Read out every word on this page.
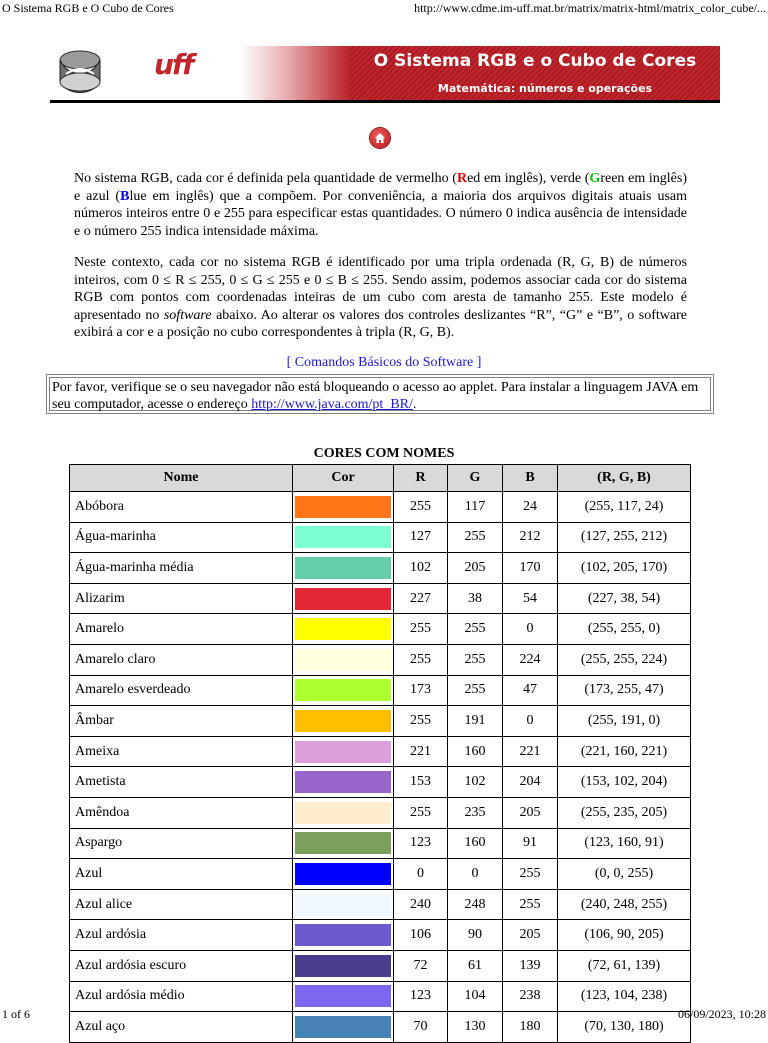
O Sistema RGB e O Cubo de Cores	http://www.cdme.im-uff.mat.br/matrix/matrix-html/matrix_color_cube/...
uff	O Sistema RGB e o Cubo de Cores
Matemática: números e operações
No sistema RGB, cada cor é definida pela quantidade de vermelho (Red em inglês), verde (Green em inglês) e azul (Blue em inglês) que a compõem. Por conveniência, a maioria dos arquivos digitais atuais usam números inteiros entre 0 e 255 para especificar estas quantidades. O número 0 indica ausência de intensidade e o número 255 indica intensidade máxima.
Neste contexto, cada cor no sistema RGB é identificado por uma tripla ordenada (R, G, B) de números inteiros, com 0 ≤ R ≤ 255, 0 ≤ G ≤ 255 e 0 ≤ B ≤ 255. Sendo assim, podemos associar cada cor do sistema RGB com pontos com coordenadas inteiras de um cubo com aresta de tamanho 255. Este modelo é apresentado no software abaixo. Ao alterar os valores dos controles deslizantes “R”, “G” e “B”, o software exibirá a cor e a posição no cubo correspondentes à tripla (R, G, B).
[ Comandos Básicos do Software ]
Por favor, verifique se o seu navegador não está bloqueando o acesso ao applet. Para instalar a linguagem JAVA em seu computador, acesse o endereço http://www.java.com/pt_BR/.
CORES COM NOMES
Nome	Cor	R	G	B	(R, G, B)
Abóbora		255	117	24	(255, 117, 24)
Água-marinha		127	255	212	(127, 255, 212)
Água-marinha média		102	205	170	(102, 205, 170)
Alizarim		227	38	54	(227, 38, 54)
Amarelo		255	255	0	(255, 255, 0)
Amarelo claro		255	255	224	(255, 255, 224)
Amarelo esverdeado		173	255	47	(173, 255, 47)
Âmbar		255	191	0	(255, 191, 0)
Ameixa		221	160	221	(221, 160, 221)
Ametista		153	102	204	(153, 102, 204)
Amêndoa		255	235	205	(255, 235, 205)
Aspargo		123	160	91	(123, 160, 91)
Azul		0	0	255	(0, 0, 255)
Azul alice		240	248	255	(240, 248, 255)
Azul ardósia		106	90	205	(106, 90, 205)
Azul ardósia escuro		72	61	139	(72, 61, 139)
Azul ardósia médio		123	104	238	(123, 104, 238)
Azul aço		70	130	180	(70, 130, 180)
1 of 6	06/09/2023, 10:28
